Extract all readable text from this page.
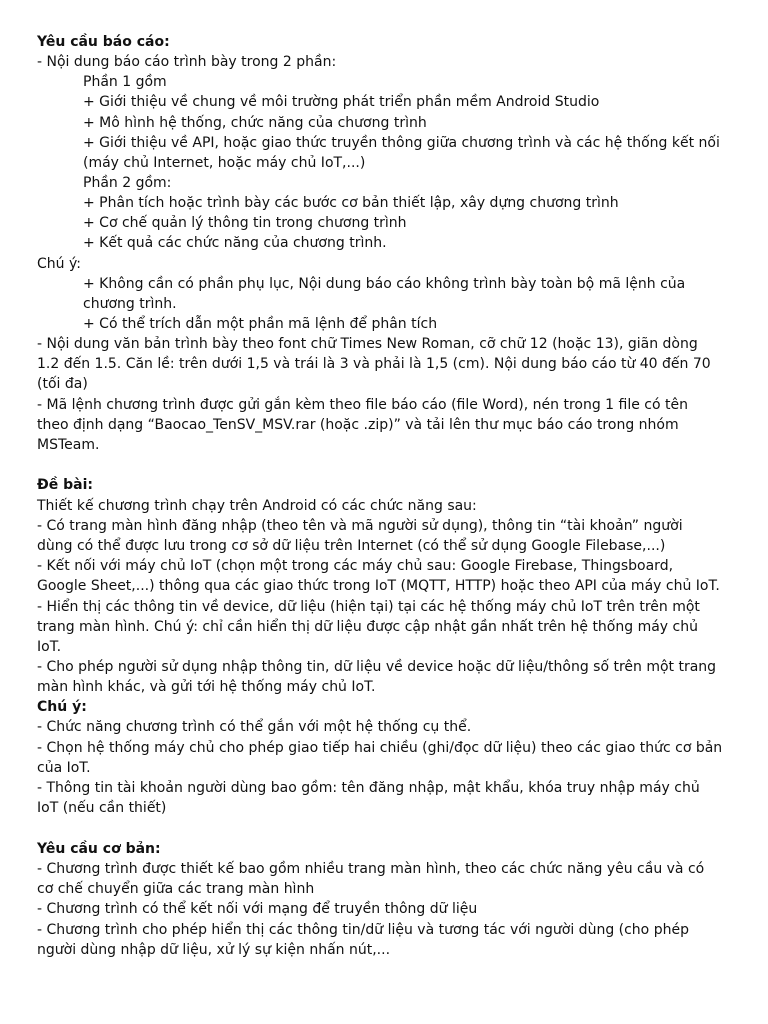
Yêu cầu báo cáo:
- Nội dung báo cáo trình bày trong 2 phần:
Phần 1 gồm
+ Giới thiệu về chung về môi trường phát triển phần mềm Android Studio
+ Mô hình hệ thống, chức năng của chương trình
+ Giới thiệu về API, hoặc giao thức truyền thông giữa chương trình và các hệ thống kết nối
(máy chủ Internet, hoặc máy chủ IoT,...)
Phần 2 gồm:
+ Phân tích hoặc trình bày các bước cơ bản thiết lập, xây dựng chương trình
+ Cơ chế quản lý thông tin trong chương trình
+ Kết quả các chức năng của chương trình.
Chú ý:
+ Không cần có phần phụ lục, Nội dung báo cáo không trình bày toàn bộ mã lệnh của
chương trình.
+ Có thể trích dẫn một phần mã lệnh để phân tích
- Nội dung văn bản trình bày theo font chữ Times New Roman, cỡ chữ 12 (hoặc 13), giãn dòng
1.2 đến 1.5. Căn lề: trên dưới 1,5 và trái là 3 và phải là 1,5 (cm). Nội dung báo cáo từ 40 đến 70
(tối đa)
- Mã lệnh chương trình được gửi gắn kèm theo file báo cáo (file Word), nén trong 1 file có tên
theo định dạng “Baocao_TenSV_MSV.rar (hoặc .zip)” và tải lên thư mục báo cáo trong nhóm
MSTeam.
Đề bài:
Thiết kế chương trình chạy trên Android có các chức năng sau:
- Có trang màn hình đăng nhập (theo tên và mã người sử dụng), thông tin “tài khoản” người
dùng có thể được lưu trong cơ sở dữ liệu trên Internet (có thể sử dụng Google Filebase,...)
- Kết nối với máy chủ IoT (chọn một trong các máy chủ sau: Google Firebase, Thingsboard,
Google Sheet,...) thông qua các giao thức trong IoT (MQTT, HTTP) hoặc theo API của máy chủ IoT.
- Hiển thị các thông tin về device, dữ liệu (hiện tại) tại các hệ thống máy chủ IoT trên trên một
trang màn hình. Chú ý: chỉ cần hiển thị dữ liệu được cập nhật gần nhất trên hệ thống máy chủ
IoT.
- Cho phép người sử dụng nhập thông tin, dữ liệu về device hoặc dữ liệu/thông số trên một trang
màn hình khác, và gửi tới hệ thống máy chủ IoT.
Chú ý:
- Chức năng chương trình có thể gắn với một hệ thống cụ thể.
- Chọn hệ thống máy chủ cho phép giao tiếp hai chiều (ghi/đọc dữ liệu) theo các giao thức cơ bản
của IoT.
- Thông tin tài khoản người dùng bao gồm: tên đăng nhập, mật khẩu, khóa truy nhập máy chủ
IoT (nếu cần thiết)
Yêu cầu cơ bản:
- Chương trình được thiết kế bao gồm nhiều trang màn hình, theo các chức năng yêu cầu và có
cơ chế chuyển giữa các trang màn hình
- Chương trình có thể kết nối với mạng để truyền thông dữ liệu
- Chương trình cho phép hiển thị các thông tin/dữ liệu và tương tác với người dùng (cho phép
người dùng nhập dữ liệu, xử lý sự kiện nhấn nút,...
